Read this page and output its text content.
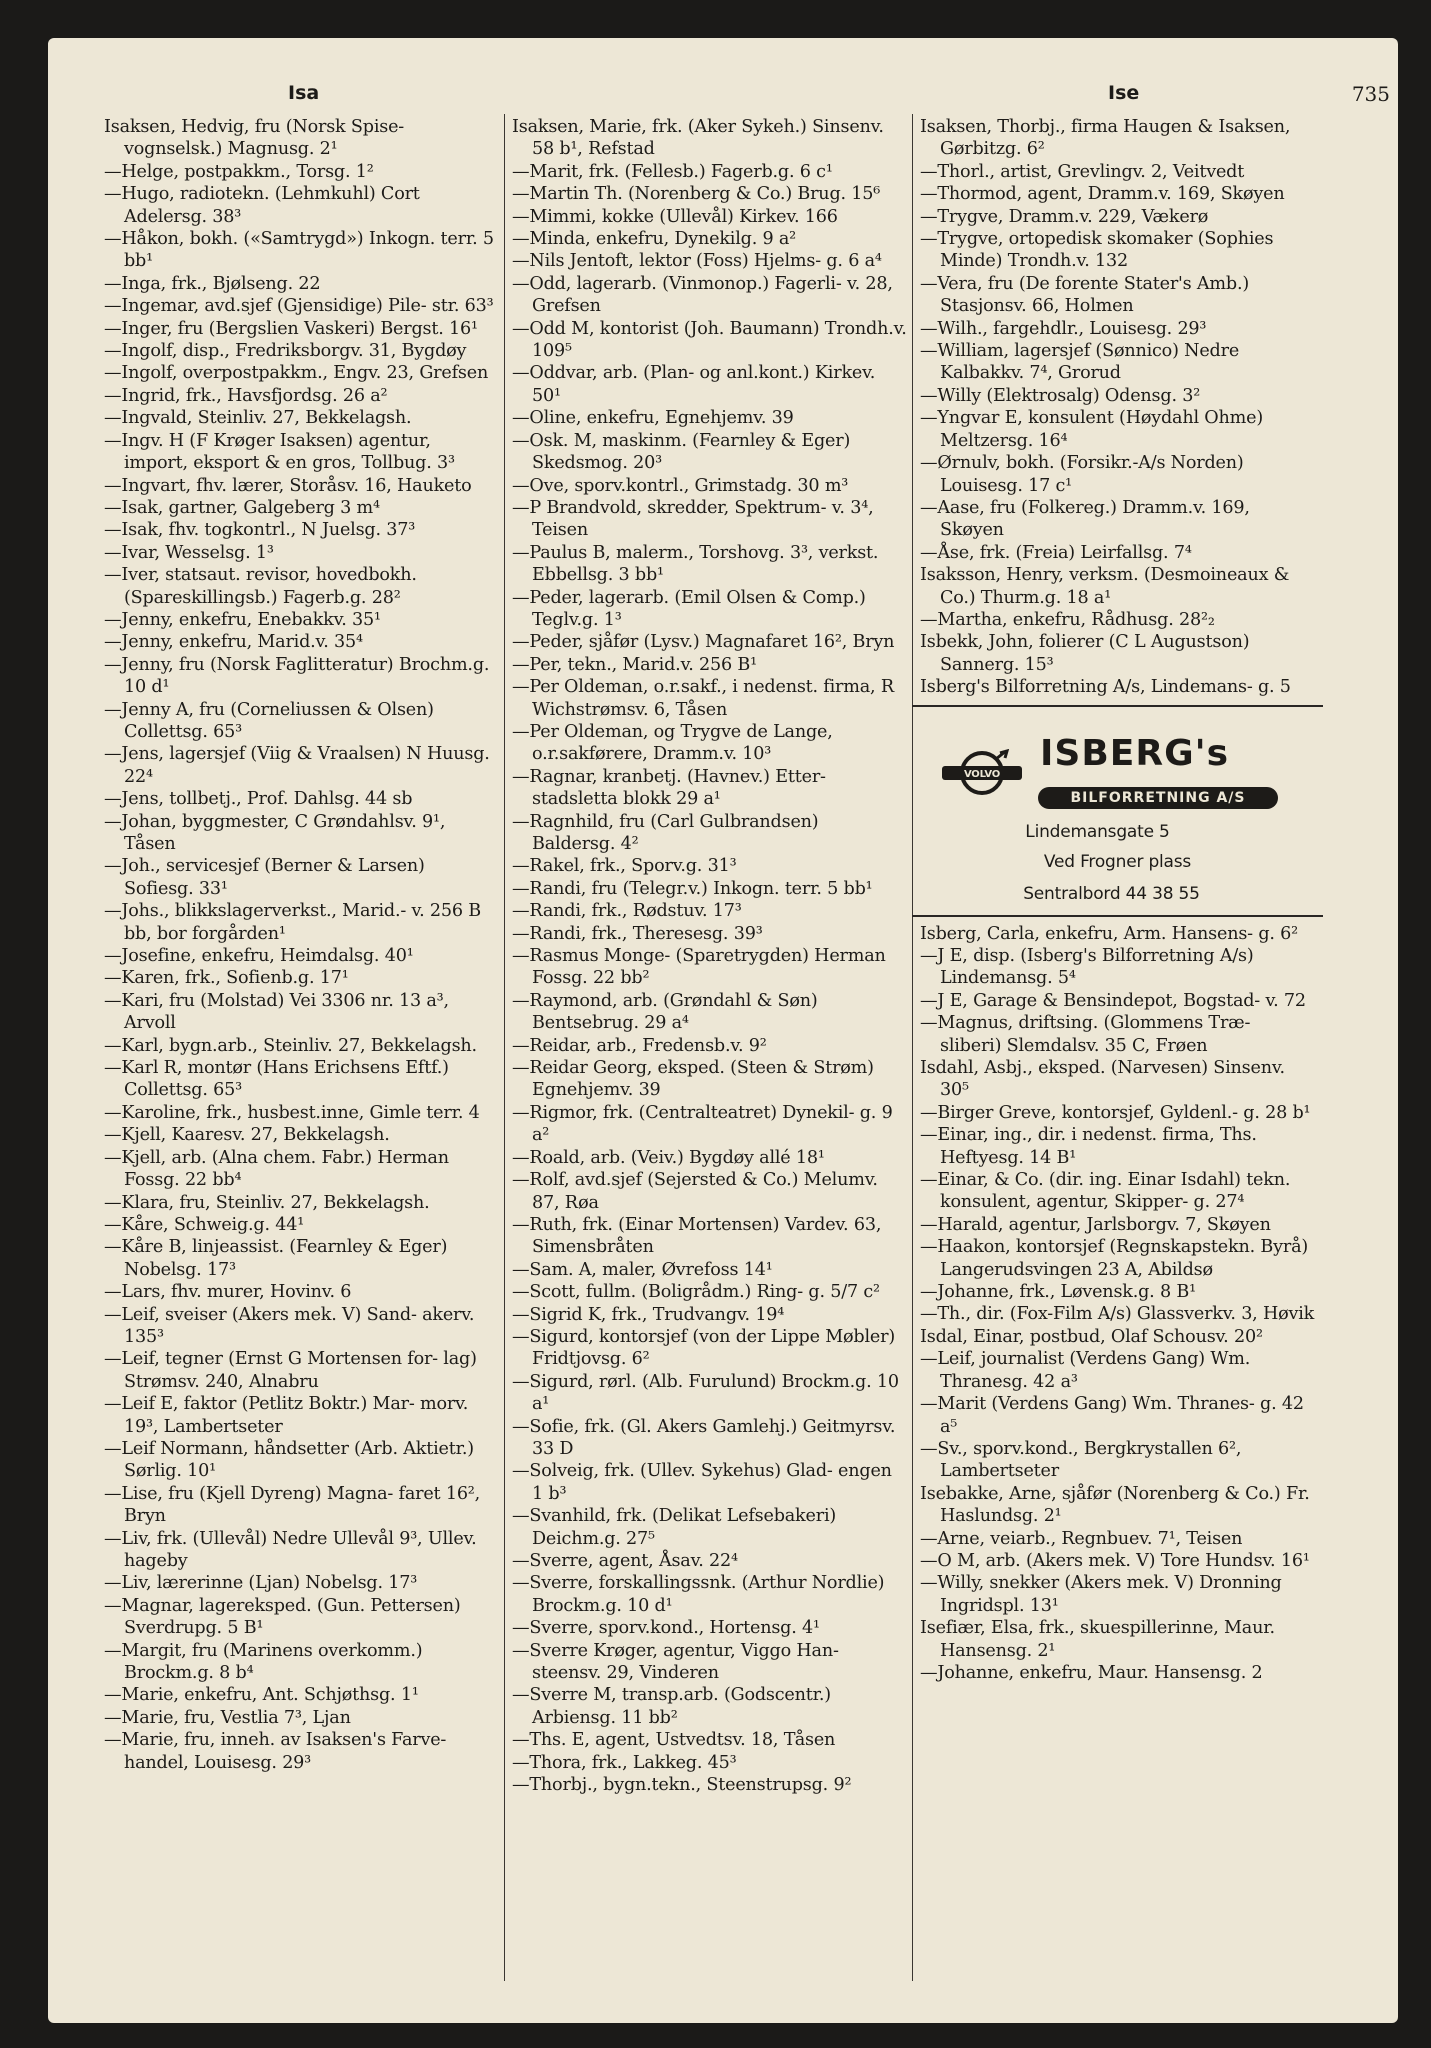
Isa	Ise	735

Isaksen, Hedvig, fru (Norsk Spise- vognselsk.) Magnusg. 2¹

—Helge, postpakkm., Torsg. 1²

—Hugo, radiotekn. (Lehmkuhl) Cort Adelersg. 38³

—Håkon, bokh. («Samtrygd») Inkogn. terr. 5 bb¹

—Inga, frk., Bjølseng. 22

—Ingemar, avd.sjef (Gjensidige) Pile- str. 63³

—Inger, fru (Bergslien Vaskeri) Bergst. 16¹

—Ingolf, disp., Fredriksborgv. 31, Bygdøy

—Ingolf, overpostpakkm., Engv. 23, Grefsen

—Ingrid, frk., Havsfjordsg. 26 a²

—Ingvald, Steinliv. 27, Bekkelagsh.

—Ingv. H (F Krøger Isaksen) agentur, import, eksport & en gros, Tollbug. 3³

—Ingvart, fhv. lærer, Storåsv. 16, Hauketo

—Isak, gartner, Galgeberg 3 m⁴

—Isak, fhv. togkontrl., N Juelsg. 37³

—Ivar, Wesselsg. 1³

—Iver, statsaut. revisor, hovedbokh. (Spareskillingsb.) Fagerb.g. 28²

—Jenny, enkefru, Enebakkv. 35¹

—Jenny, enkefru, Marid.v. 35⁴

—Jenny, fru (Norsk Faglitteratur) Brochm.g. 10 d¹

—Jenny A, fru (Corneliussen & Olsen) Collettsg. 65³

—Jens, lagersjef (Viig & Vraalsen) N Huusg. 22⁴

—Jens, tollbetj., Prof. Dahlsg. 44 sb

—Johan, byggmester, C Grøndahlsv. 9¹, Tåsen

—Joh., servicesjef (Berner & Larsen) Sofiesg. 33¹

—Johs., blikkslagerverkst., Marid.- v. 256 B bb, bor forgården¹

—Josefine, enkefru, Heimdalsg. 40¹

—Karen, frk., Sofienb.g. 17¹

—Kari, fru (Molstad) Vei 3306 nr. 13 a³, Arvoll

—Karl, bygn.arb., Steinliv. 27, Bekkelagsh.

—Karl R, montør (Hans Erichsens Eftf.) Collettsg. 65³

—Karoline, frk., husbest.inne, Gimle terr. 4

—Kjell, Kaaresv. 27, Bekkelagsh.

—Kjell, arb. (Alna chem. Fabr.) Herman Fossg. 22 bb⁴

—Klara, fru, Steinliv. 27, Bekkelagsh.

—Kåre, Schweig.g. 44¹

—Kåre B, linjeassist. (Fearnley & Eger) Nobelsg. 17³

—Lars, fhv. murer, Hovinv. 6

—Leif, sveiser (Akers mek. V) Sand- akerv. 135³

—Leif, tegner (Ernst G Mortensen for- lag) Strømsv. 240, Alnabru

—Leif E, faktor (Petlitz Boktr.) Mar- morv. 19³, Lambertseter

—Leif Normann, håndsetter (Arb. Aktietr.) Sørlig. 10¹

—Lise, fru (Kjell Dyreng) Magna- faret 16², Bryn

—Liv, frk. (Ullevål) Nedre Ullevål 9³, Ullev. hageby

—Liv, lærerinne (Ljan) Nobelsg. 17³

—Magnar, lagereksped. (Gun. Pettersen) Sverdrupg. 5 B¹

—Margit, fru (Marinens overkomm.) Brockm.g. 8 b⁴

—Marie, enkefru, Ant. Schjøthsg. 1¹

—Marie, fru, Vestlia 7³, Ljan

—Marie, fru, inneh. av Isaksen's Farve- handel, Louisesg. 29³

Isaksen, Marie, frk. (Aker Sykeh.) Sinsenv. 58 b¹, Refstad

—Marit, frk. (Fellesb.) Fagerb.g. 6 c¹

—Martin Th. (Norenberg & Co.) Brug. 15⁶

—Mimmi, kokke (Ullevål) Kirkev. 166

—Minda, enkefru, Dynekilg. 9 a²

—Nils Jentoft, lektor (Foss) Hjelms- g. 6 a⁴

—Odd, lagerarb. (Vinmonop.) Fagerli- v. 28, Grefsen

—Odd M, kontorist (Joh. Baumann) Trondh.v. 109⁵

—Oddvar, arb. (Plan- og anl.kont.) Kirkev. 50¹

—Oline, enkefru, Egnehjemv. 39

—Osk. M, maskinm. (Fearnley & Eger) Skedsmog. 20³

—Ove, sporv.kontrl., Grimstadg. 30 m³

—P Brandvold, skredder, Spektrum- v. 3⁴, Teisen

—Paulus B, malerm., Torshovg. 3³, verkst. Ebbellsg. 3 bb¹

—Peder, lagerarb. (Emil Olsen & Comp.) Teglv.g. 1³

—Peder, sjåfør (Lysv.) Magnafaret 16², Bryn

—Per, tekn., Marid.v. 256 B¹

—Per Oldeman, o.r.sakf., i nedenst. firma, R Wichstrømsv. 6, Tåsen

—Per Oldeman, og Trygve de Lange, o.r.sakførere, Dramm.v. 10³

—Ragnar, kranbetj. (Havnev.) Etter- stadsletta blokk 29 a¹

—Ragnhild, fru (Carl Gulbrandsen) Baldersg. 4²

—Rakel, frk., Sporv.g. 31³

—Randi, fru (Telegr.v.) Inkogn. terr. 5 bb¹

—Randi, frk., Rødstuv. 17³

—Randi, frk., Theresesg. 39³

—Rasmus Monge- (Sparetrygden) Herman Fossg. 22 bb²

—Raymond, arb. (Grøndahl & Søn) Bentsebrug. 29 a⁴

—Reidar, arb., Fredensb.v. 9²

—Reidar Georg, eksped. (Steen & Strøm) Egnehjemv. 39

—Rigmor, frk. (Centralteatret) Dynekil- g. 9 a²

—Roald, arb. (Veiv.) Bygdøy allé 18¹

—Rolf, avd.sjef (Sejersted & Co.) Melumv. 87, Røa

—Ruth, frk. (Einar Mortensen) Vardev. 63, Simensbråten

—Sam. A, maler, Øvrefoss 14¹

—Scott, fullm. (Boligrådm.) Ring- g. 5/7 c²

—Sigrid K, frk., Trudvangv. 19⁴

—Sigurd, kontorsjef (von der Lippe Møbler) Fridtjovsg. 6²

—Sigurd, rørl. (Alb. Furulund) Brockm.g. 10 a¹

—Sofie, frk. (Gl. Akers Gamlehj.) Geitmyrsv. 33 D

—Solveig, frk. (Ullev. Sykehus) Glad- engen 1 b³

—Svanhild, frk. (Delikat Lefsebakeri) Deichm.g. 27⁵

—Sverre, agent, Åsav. 22⁴

—Sverre, forskallingssnk. (Arthur Nordlie) Brockm.g. 10 d¹

—Sverre, sporv.kond., Hortensg. 4¹

—Sverre Krøger, agentur, Viggo Han- steensv. 29, Vinderen

—Sverre M, transp.arb. (Godscentr.) Arbiensg. 11 bb²

—Ths. E, agent, Ustvedtsv. 18, Tåsen

—Thora, frk., Lakkeg. 45³

—Thorbj., bygn.tekn., Steenstrupsg. 9²

Isaksen, Thorbj., firma Haugen & Isaksen, Gørbitzg. 6²

—Thorl., artist, Grevlingv. 2, Veitvedt

—Thormod, agent, Dramm.v. 169, Skøyen

—Trygve, Dramm.v. 229, Vækerø

—Trygve, ortopedisk skomaker (Sophies Minde) Trondh.v. 132

—Vera, fru (De forente Stater's Amb.) Stasjonsv. 66, Holmen

—Wilh., fargehdlr., Louisesg. 29³

—William, lagersjef (Sønnico) Nedre Kalbakkv. 7⁴, Grorud

—Willy (Elektrosalg) Odensg. 3²

—Yngvar E, konsulent (Høydahl Ohme) Meltzersg. 16⁴

—Ørnulv, bokh. (Forsikr.-A/s Norden) Louisesg. 17 c¹

—Aase, fru (Folkereg.) Dramm.v. 169, Skøyen

—Åse, frk. (Freia) Leirfallsg. 7⁴

Isaksson, Henry, verksm. (Desmoineaux & Co.) Thurm.g. 18 a¹

—Martha, enkefru, Rådhusg. 28²₂

Isbekk, John, folierer (C L Augustson) Sannerg. 15³

Isberg's Bilforretning A/s, Lindemans- g. 5

VOLVO
ISBERG's
BILFORRETNING A/S
Lindemansgate 5
Ved Frogner plass
Sentralbord 44 38 55

Isberg, Carla, enkefru, Arm. Hansens- g. 6²

—J E, disp. (Isberg's Bilforretning A/s) Lindemansg. 5⁴

—J E, Garage & Bensindepot, Bogstad- v. 72

—Magnus, driftsing. (Glommens Træ- sliberi) Slemdalsv. 35 C, Frøen

Isdahl, Asbj., eksped. (Narvesen) Sinsenv. 30⁵

—Birger Greve, kontorsjef, Gyldenl.- g. 28 b¹

—Einar, ing., dir. i nedenst. firma, Ths. Heftyesg. 14 B¹

—Einar, & Co. (dir. ing. Einar Isdahl) tekn. konsulent, agentur, Skipper- g. 27⁴

—Harald, agentur, Jarlsborgv. 7, Skøyen

—Haakon, kontorsjef (Regnskapstekn. Byrå) Langerudsvingen 23 A, Abildsø

—Johanne, frk., Løvensk.g. 8 B¹

—Th., dir. (Fox-Film A/s) Glassverkv. 3, Høvik

Isdal, Einar, postbud, Olaf Schousv. 20²

—Leif, journalist (Verdens Gang) Wm. Thranesg. 42 a³

—Marit (Verdens Gang) Wm. Thranes- g. 42 a⁵

—Sv., sporv.kond., Bergkrystallen 6², Lambertseter

Isebakke, Arne, sjåfør (Norenberg & Co.) Fr. Haslundsg. 2¹

—Arne, veiarb., Regnbuev. 7¹, Teisen

—O M, arb. (Akers mek. V) Tore Hundsv. 16¹

—Willy, snekker (Akers mek. V) Dronning Ingridspl. 13¹

Isefiær, Elsa, frk., skuespillerinne, Maur. Hansensg. 2¹

—Johanne, enkefru, Maur. Hansensg. 2
